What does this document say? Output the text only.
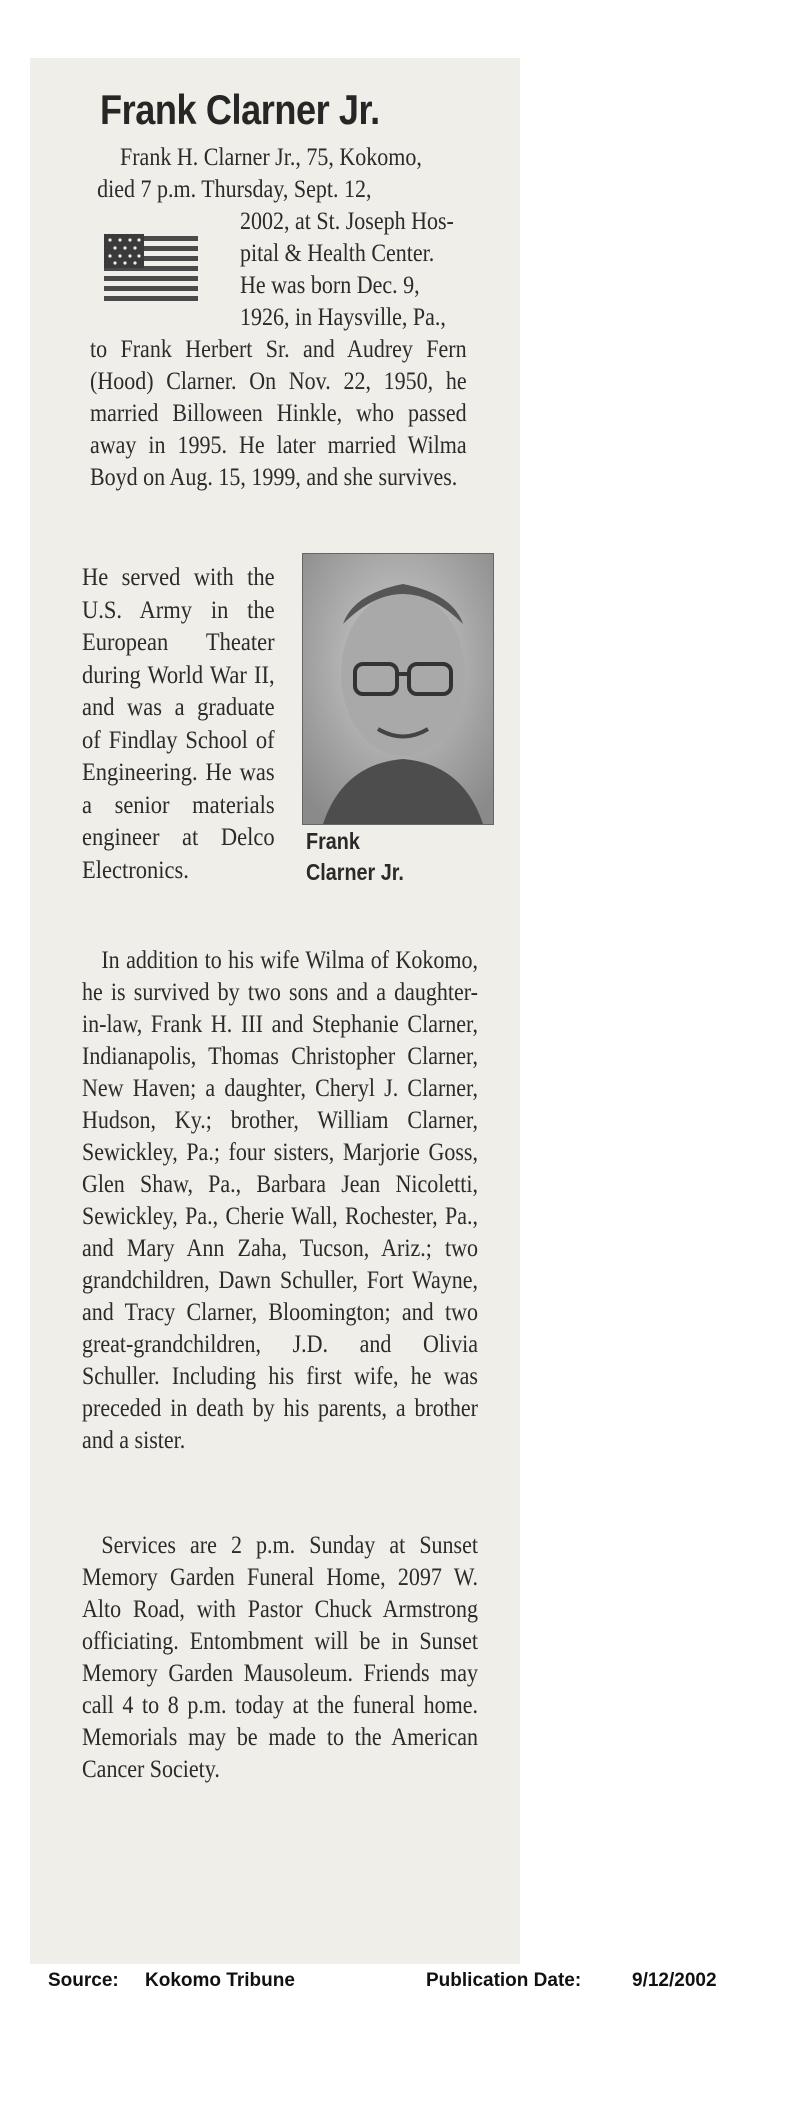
Frank Clarner Jr.

Frank H. Clarner Jr., 75, Kokomo,

died 7 p.m. Thursday, Sept. 12,

2002, at St. Joseph Hos-

pital & Health Center.

He was born Dec. 9,

1926, in Haysville, Pa.,

to Frank Herbert Sr. and Audrey Fern (Hood) Clarner. On Nov. 22, 1950, he married Billoween Hinkle, who passed away in 1995. He later married Wilma Boyd on Aug. 15, 1999, and she survives.

He served with the U.S. Army in the European Theater during World War II, and was a graduate of Findlay School of Engineering. He was a senior materials engineer at Delco Electronics.

Frank
Clarner Jr.

In addition to his wife Wilma of Kokomo, he is survived by two sons and a daughter-in-law, Frank H. III and Stephanie Clarner, Indianapolis, Thomas Christopher Clarner, New Haven; a daughter, Cheryl J. Clarner, Hudson, Ky.; brother, William Clarner, Sewickley, Pa.; four sisters, Marjorie Goss, Glen Shaw, Pa., Barbara Jean Nicoletti, Sewickley, Pa., Cherie Wall, Rochester, Pa., and Mary Ann Zaha, Tucson, Ariz.; two grandchildren, Dawn Schuller, Fort Wayne, and Tracy Clarner, Bloomington; and two great-grandchildren, J.D. and Olivia Schuller. Including his first wife, he was preceded in death by his parents, a brother and a sister.

Services are 2 p.m. Sunday at Sunset Memory Garden Funeral Home, 2097 W. Alto Road, with Pastor Chuck Armstrong officiating. Entombment will be in Sunset Memory Garden Mausoleum. Friends may call 4 to 8 p.m. today at the funeral home. Memorials may be made to the American Cancer Society.

Source: Kokomo Tribune	Publication Date:	9/12/2002
